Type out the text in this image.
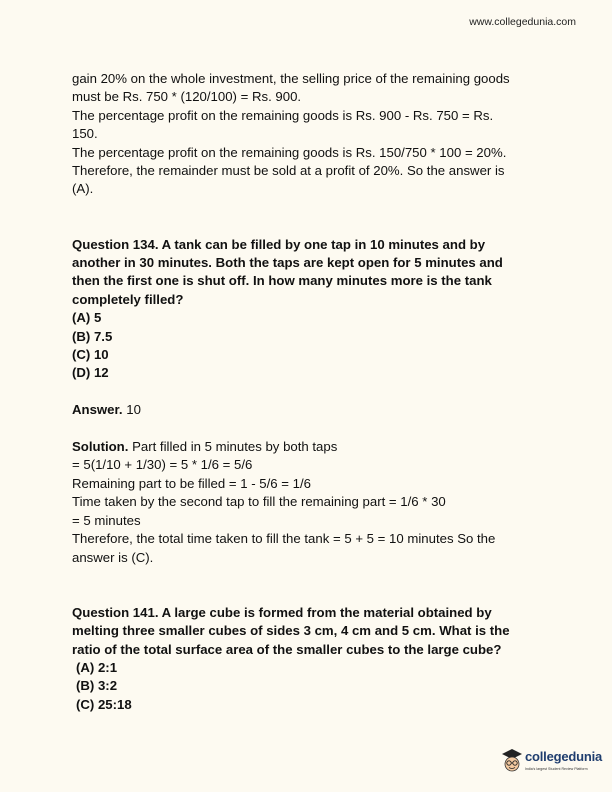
www.collegedunia.com
gain 20% on the whole investment, the selling price of the remaining goods
must be Rs. 750 * (120/100) = Rs. 900.
The percentage profit on the remaining goods is Rs. 900 - Rs. 750 = Rs.
150.
The percentage profit on the remaining goods is Rs. 150/750 * 100 = 20%.
Therefore, the remainder must be sold at a profit of 20%. So the answer is
(A).
Question 134. A tank can be filled by one tap in 10 minutes and by
another in 30 minutes. Both the taps are kept open for 5 minutes and
then the first one is shut off. In how many minutes more is the tank
completely filled?
(A) 5
(B) 7.5
(C) 10
(D) 12
Answer. 10
Solution. Part filled in 5 minutes by both taps
= 5(1/10 + 1/30) = 5 * 1/6 = 5/6
Remaining part to be filled = 1 - 5/6 = 1/6
Time taken by the second tap to fill the remaining part = 1/6 * 30
= 5 minutes
Therefore, the total time taken to fill the tank = 5 + 5 = 10 minutes So the
answer is (C).
Question 141. A large cube is formed from the material obtained by
melting three smaller cubes of sides 3 cm, 4 cm and 5 cm. What is the
ratio of the total surface area of the smaller cubes to the large cube?
(A) 2:1
(B) 3:2
(C) 25:18
collegedunia
India's largest Student Review Platform
